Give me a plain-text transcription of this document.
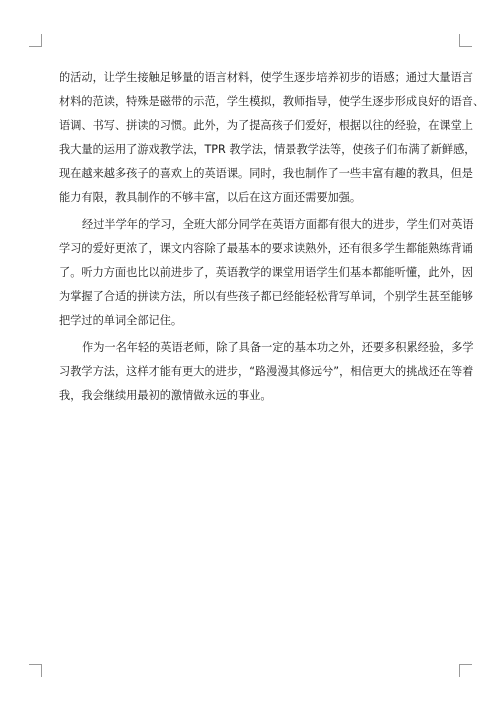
的活动，让学生接触足够量的语言材料，使学生逐步培养初步的语感；通过大量语言
材料的范读，特殊是磁带的示范，学生模拟，教师指导，使学生逐步形成良好的语音、
语调、书写、拼读的习惯。此外，为了提高孩子们爱好，根据以往的经验，在课堂上
我大量的运用了游戏教学法，TPR 教学法，情景教学法等，使孩子们布满了新鲜感，
现在越来越多孩子的喜欢上的英语课。同时，我也制作了一些丰富有趣的教具，但是
能力有限，教具制作的不够丰富，以后在这方面还需要加强。
经过半学年的学习，全班大部分同学在英语方面都有很大的进步，学生们对英语
学习的爱好更浓了，课文内容除了最基本的要求读熟外，还有很多学生都能熟练背诵
了。听力方面也比以前进步了，英语教学的课堂用语学生们基本都能听懂，此外，因
为掌握了合适的拼读方法，所以有些孩子都已经能轻松背写单词，个别学生甚至能够
把学过的单词全部记住。
作为一名年轻的英语老师，除了具备一定的基本功之外，还要多积累经验，多学
习教学方法，这样才能有更大的进步，“路漫漫其修远兮”，相信更大的挑战还在等着
我，我会继续用最初的激情做永远的事业。
